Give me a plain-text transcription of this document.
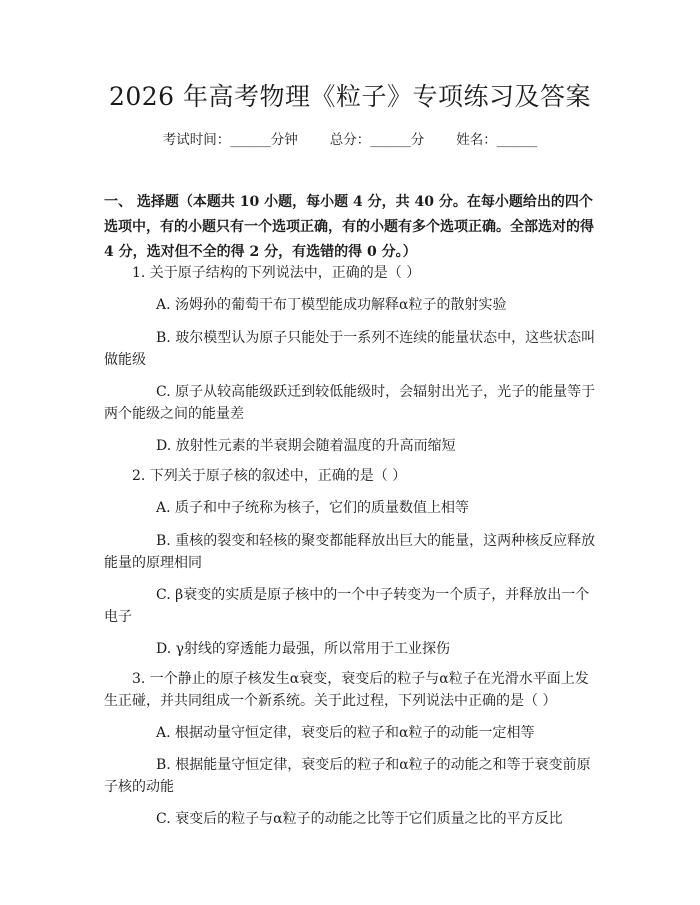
2026 年高考物理《粒子》专项练习及答案
考试时间：______分钟 总分：______分 姓名：______
一、 选择题（本题共 10 小题，每小题 4 分，共 40 分。在每小题给出的四个选项中，有的小题只有一个选项正确，有的小题有多个选项正确。全部选对的得 4 分，选对但不全的得 2 分，有选错的得 0 分。）
1. 关于原子结构的下列说法中，正确的是（ ）
A. 汤姆孙的葡萄干布丁模型能成功解释α粒子的散射实验
B. 玻尔模型认为原子只能处于一系列不连续的能量状态中，这些状态叫
做能级
C. 原子从较高能级跃迁到较低能级时，会辐射出光子，光子的能量等于
两个能级之间的能量差
D. 放射性元素的半衰期会随着温度的升高而缩短
2. 下列关于原子核的叙述中，正确的是（ ）
A. 质子和中子统称为核子，它们的质量数值上相等
B. 重核的裂变和轻核的聚变都能释放出巨大的能量，这两种核反应释放
能量的原理相同
C. β衰变的实质是原子核中的一个中子转变为一个质子，并释放出一个
电子
D. γ射线的穿透能力最强，所以常用于工业探伤
3. 一个静止的原子核发生α衰变，衰变后的粒子与α粒子在光滑水平面上发
生正碰，并共同组成一个新系统。关于此过程，下列说法中正确的是（ ）
A. 根据动量守恒定律，衰变后的粒子和α粒子的动能一定相等
B. 根据能量守恒定律，衰变后的粒子和α粒子的动能之和等于衰变前原
子核的动能
C. 衰变后的粒子与α粒子的动能之比等于它们质量之比的平方反比
